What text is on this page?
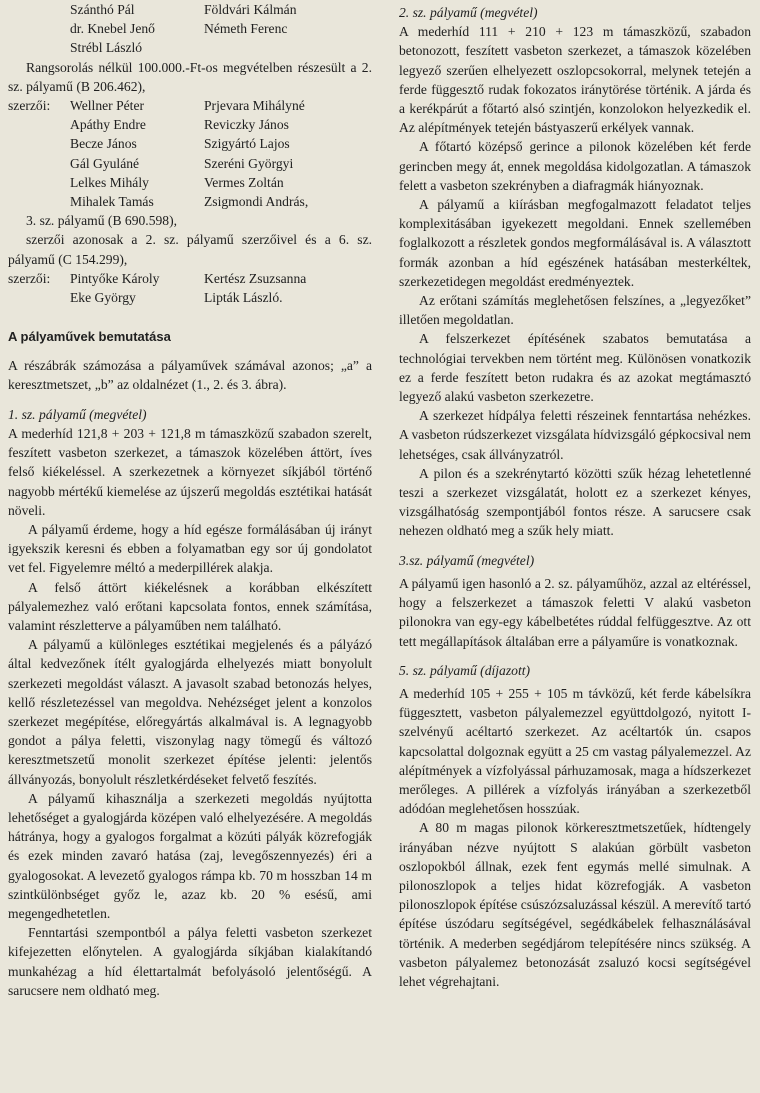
Szánthó Pál	Földvári Kálmán
dr. Knebel Jenő	Németh Ferenc
Strébl László

Rangsorolás nélkül 100.000.-Ft-os megvételben részesült a 2. sz. pályamű (B 206.462),

szerzői: Wellner Péter	Prjevara Mihályné
Apáthy Endre	Reviczky János
Becze János	Szigyártó Lajos
Gál Gyuláné	Szeréni Györgyi
Lelkes Mihály	Vermes Zoltán
Mihalek Tamás	Zsigmondi András,

3. sz. pályamű (B 690.598),

szerzői azonosak a 2. sz. pályamű szerzőivel és a 6. sz. pályamű (C 154.299),

szerzői: Pintyőke Károly	Kertész Zsuzsanna
Eke György	Lipták László.
A pályaművek bemutatása

A részábrák számozása a pályaművek számával azonos; „a” a keresztmetszet, „b” az oldalnézet (1., 2. és 3. ábra).

1. sz. pályamű (megvétel)

A mederhíd 121,8 + 203 + 121,8 m támaszközű szabadon szerelt, feszített vasbeton szerkezet, a támaszok közelében áttört, íves felső kiékeléssel. A szerkezetnek a környezet síkjából történő nagyobb mértékű kiemelése az újszerű megoldás esztétikai hatását növeli.

A pályamű érdeme, hogy a híd egésze formálásában új irányt igyekszik keresni és ebben a folyamatban egy sor új gondolatot vet fel. Figyelemre méltó a mederpillérek alakja.

A felső áttört kiékelésnek a korábban elkészített pályalemezhez való erőtani kapcsolata fontos, ennek számítása, valamint részletterve a pályaműben nem található.

A pályamű a különleges esztétikai megjelenés és a pályázó által kedvezőnek ítélt gyalogjárda elhelyezés miatt bonyolult szerkezeti megoldást választ. A javasolt szabad betonozás helyes, kellő részletezéssel van megoldva. Nehézséget jelent a konzolos szerkezet megépítése, előregyártás alkalmával is. A legnagyobb gondot a pálya feletti, viszonylag nagy tömegű és változó keresztmetszetű monolit szerkezet építése jelenti: jelentős állványozás, bonyolult részletkérdéseket felvető feszítés.

A pályamű kihasználja a szerkezeti megoldás nyújtotta lehetőséget a gyalogjárda középen való elhelyezésére. A megoldás hátránya, hogy a gyalogos forgalmat a közúti pályák közrefogják és ezek minden zavaró hatása (zaj, levegőszennyezés) éri a gyalogosokat. A levezető gyalogos rámpa kb. 70 m hosszban 14 m szintkülönbséget győz le, azaz kb. 20 % esésű, ami megengedhetetlen.

Fenntartási szempontból a pálya feletti vasbeton szerkezet kifejezetten előnytelen. A gyalogjárda síkjában kialakítandó munkahézag a híd élettartalmát befolyásoló jelentőségű. A sarucsere nem oldható meg.

2. sz. pályamű (megvétel)

A mederhíd 111 + 210 + 123 m támaszközű, szabadon betonozott, feszített vasbeton szerkezet, a támaszok közelében legyező szerűen elhelyezett oszlopcsokorral, melynek tetején a ferde függesztő rudak fokozatos iránytörése történik. A járda és a kerékpárút a főtartó alsó szintjén, konzolokon helyezkedik el. Az alépítmények tetején bástyaszerű erkélyek vannak.

A főtartó középső gerince a pilonok közelében két ferde gerincben megy át, ennek megoldása kidolgozatlan. A támaszok felett a vasbeton szekrényben a diafragmák hiányoznak.

A pályamű a kiírásban megfogalmazott feladatot teljes komplexitásában igyekezett megoldani. Ennek szellemében foglalkozott a részletek gondos megformálásával is. A választott formák azonban a híd egészének hatásában mesterkéltek, szerkezetidegen megoldást eredményeztek.

Az erőtani számítás meglehetősen felszínes, a „legyezőket” illetően megoldatlan.

A felszerkezet építésének szabatos bemutatása a technológiai tervekben nem történt meg. Különösen vonatkozik ez a ferde feszített beton rudakra és az azokat megtámasztó legyező alakú vasbeton szerkezetre.

A szerkezet hídpálya feletti részeinek fenntartása nehézkes. A vasbeton rúdszerkezet vizsgálata hídvizsgáló gépkocsival nem lehetséges, csak állványzatról.

A pilon és a szekrénytartó közötti szűk hézag lehetetlenné teszi a szerkezet vizsgálatát, holott ez a szerkezet kényes, vizsgálhatóság szempontjából fontos része. A sarucsere csak nehezen oldható meg a szűk hely miatt.

3.sz. pályamű (megvétel)

A pályamű igen hasonló a 2. sz. pályaműhöz, azzal az eltéréssel, hogy a felszerkezet a támaszok feletti V alakú vasbeton pilonokra van egy-egy kábelbetétes rúddal felfüggesztve. Az ott tett megállapítások általában erre a pályaműre is vonatkoznak.

5. sz. pályamű (díjazott)

A mederhíd 105 + 255 + 105 m távközű, két ferde kábelsíkra függesztett, vasbeton pályalemezzel együttdolgozó, nyitott I-szelvényű acéltartó szerkezet. Az acéltartók ún. csapos kapcsolattal dolgoznak együtt a 25 cm vastag pályalemezzel. Az alépítmények a vízfolyással párhuzamosak, maga a hídszerkezet merőleges. A pillérek a vízfolyás irányában a szerkezetből adódóan meglehetősen hosszúak.

A 80 m magas pilonok körkeresztmetszetűek, hídtengely irányában nézve nyújtott S alakúan görbült vasbeton oszlopokból állnak, ezek fent egymás mellé simulnak. A pilonoszlopok a teljes hidat közrefogják. A vasbeton pilonoszlopok építése csúszózsaluzással készül. A merevítő tartó építése úszódaru segítségével, segédkábelek felhasználásával történik. A mederben segédjárom telepítésére nincs szükség. A vasbeton pályalemez betonozását zsaluzó kocsi segítségével lehet végrehajtani.
